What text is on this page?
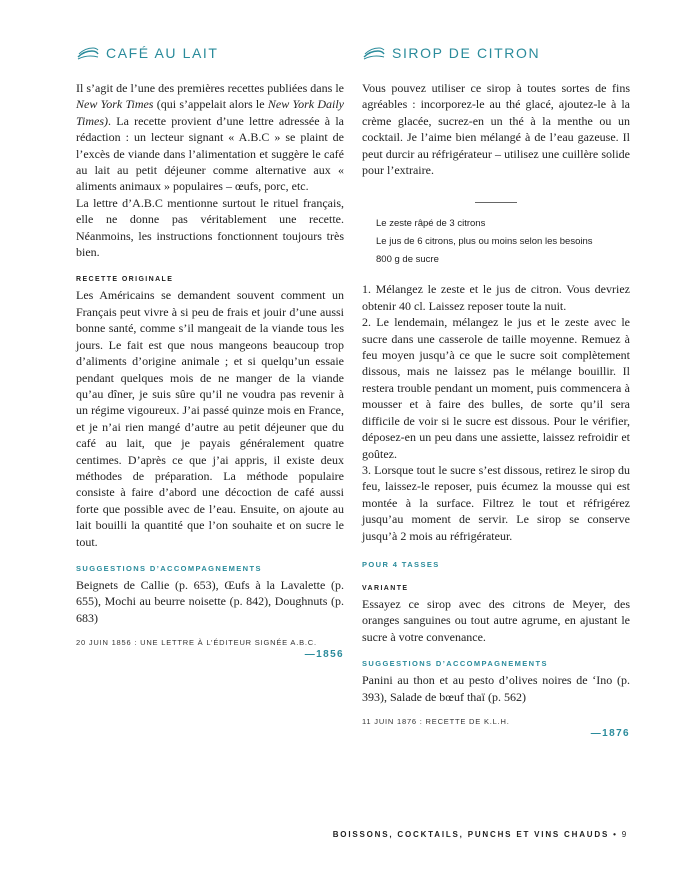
CAFÉ AU LAIT

Il s’agit de l’une des premières recettes publiées dans le New York Times (qui s’appelait alors le New York Daily Times). La recette provient d’une lettre adressée à la rédaction : un lecteur signant « A.B.C » se plaint de l’excès de viande dans l’alimentation et suggère le café au lait au petit déjeuner comme alternative aux « aliments animaux » populaires – œufs, porc, etc.

La lettre d’A.B.C mentionne surtout le rituel français, elle ne donne pas véritablement une recette. Néanmoins, les instructions fonctionnent toujours très bien.

RECETTE ORIGINALE

Les Américains se demandent souvent comment un Français peut vivre à si peu de frais et jouir d’une aussi bonne santé, comme s’il mangeait de la viande tous les jours. Le fait est que nous mangeons beaucoup trop d’aliments d’origine animale ; et si quelqu’un essaie pendant quelques mois de ne manger de la viande qu’au dîner, je suis sûre qu’il ne voudra pas revenir à un régime vigoureux. J’ai passé quinze mois en France, et je n’ai rien mangé d’autre au petit déjeuner que du café au lait, que je payais généralement quatre centimes. D’après ce que j’ai appris, il existe deux méthodes de préparation. La méthode populaire consiste à faire d’abord une décoction de café aussi forte que possible avec de l’eau. Ensuite, on ajoute au lait bouilli la quantité que l’on souhaite et on sucre le tout.

SUGGESTIONS D’ACCOMPAGNEMENTS

Beignets de Callie (p. 653), Œufs à la Lavalette (p. 655), Mochi au beurre noisette (p. 842), Doughnuts (p. 683)

20 JUIN 1856 : UNE LETTRE À L’ÉDITEUR SIGNÉE A.B.C.
—1856
SIROP DE CITRON

Vous pouvez utiliser ce sirop à toutes sortes de fins agréables : incorporez-le au thé glacé, ajoutez-le à la crème glacée, sucrez-en un thé à la menthe ou un cocktail. Je l’aime bien mélangé à de l’eau gazeuse. Il peut durcir au réfrigérateur – utilisez une cuillère solide pour l’extraire.

Le zeste râpé de 3 citrons
Le jus de 6 citrons, plus ou moins selon les besoins
800 g de sucre

1. Mélangez le zeste et le jus de citron. Vous devriez obtenir 40 cl. Laissez reposer toute la nuit.

2. Le lendemain, mélangez le jus et le zeste avec le sucre dans une casserole de taille moyenne. Remuez à feu moyen jusqu’à ce que le sucre soit complètement dissous, mais ne laissez pas le mélange bouillir. Il restera trouble pendant un moment, puis commencera à mousser et à faire des bulles, de sorte qu’il sera difficile de voir si le sucre est dissous. Pour le vérifier, déposez-en un peu dans une assiette, laissez refroidir et goûtez.

3. Lorsque tout le sucre s’est dissous, retirez le sirop du feu, laissez-le reposer, puis écumez la mousse qui est montée à la surface. Filtrez le tout et réfrigérez jusqu’au moment de servir. Le sirop se conserve jusqu’à 2 mois au réfrigérateur.

POUR 4 TASSES
VARIANTE

Essayez ce sirop avec des citrons de Meyer, des oranges sanguines ou tout autre agrume, en ajustant le sucre à votre convenance.

SUGGESTIONS D’ACCOMPAGNEMENTS

Panini au thon et au pesto d’olives noires de ‘Ino (p. 393), Salade de bœuf thaï (p. 562)

11 JUIN 1876 : RECETTE DE K.L.H.
—1876
BOISSONS, COCKTAILS, PUNCHS ET VINS CHAUDS • 9
